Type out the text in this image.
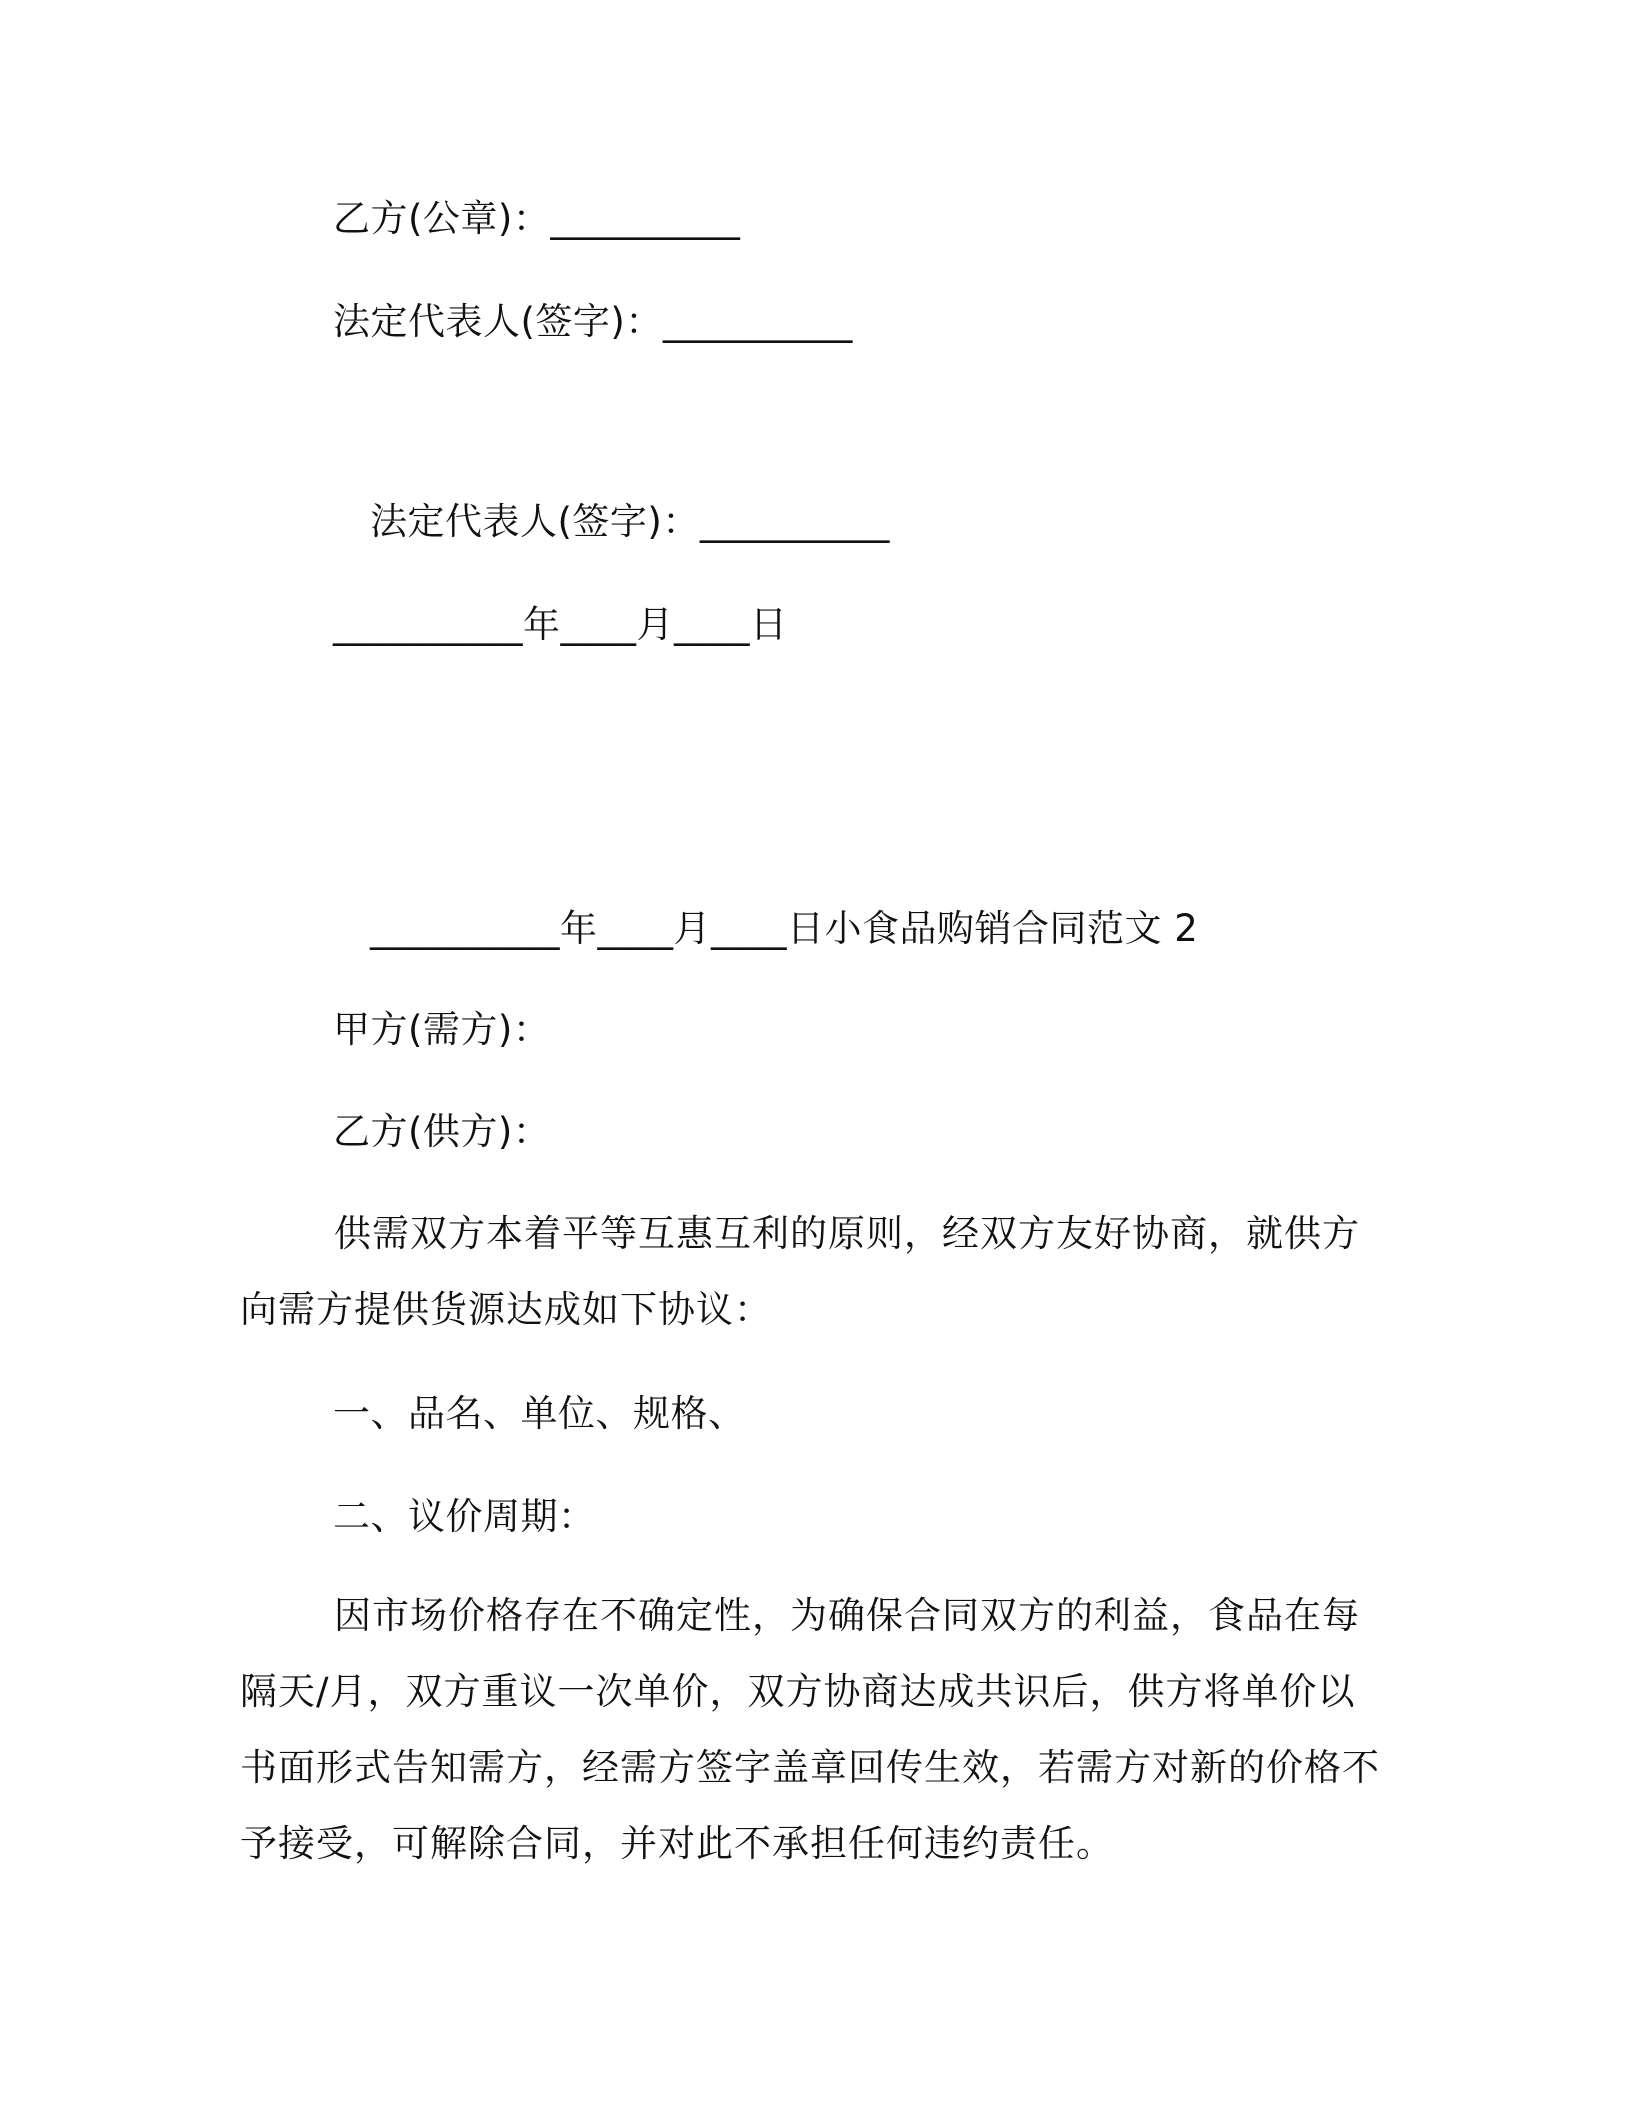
乙方(公章)：__________
法定代表人(签字)：__________
法定代表人(签字)：__________
__________年____月____日
__________年____月____日小食品购销合同范文 2
甲方(需方)：
乙方(供方)：
供需双方本着平等互惠互利的原则，经双方友好协商，就供方向需方提供货源达成如下协议：
一、品名、单位、规格、
二、议价周期：
因市场价格存在不确定性，为确保合同双方的利益，食品在每隔天/月，双方重议一次单价，双方协商达成共识后，供方将单价以书面形式告知需方，经需方签字盖章回传生效，若需方对新的价格不予接受，可解除合同，并对此不承担任何违约责任。
